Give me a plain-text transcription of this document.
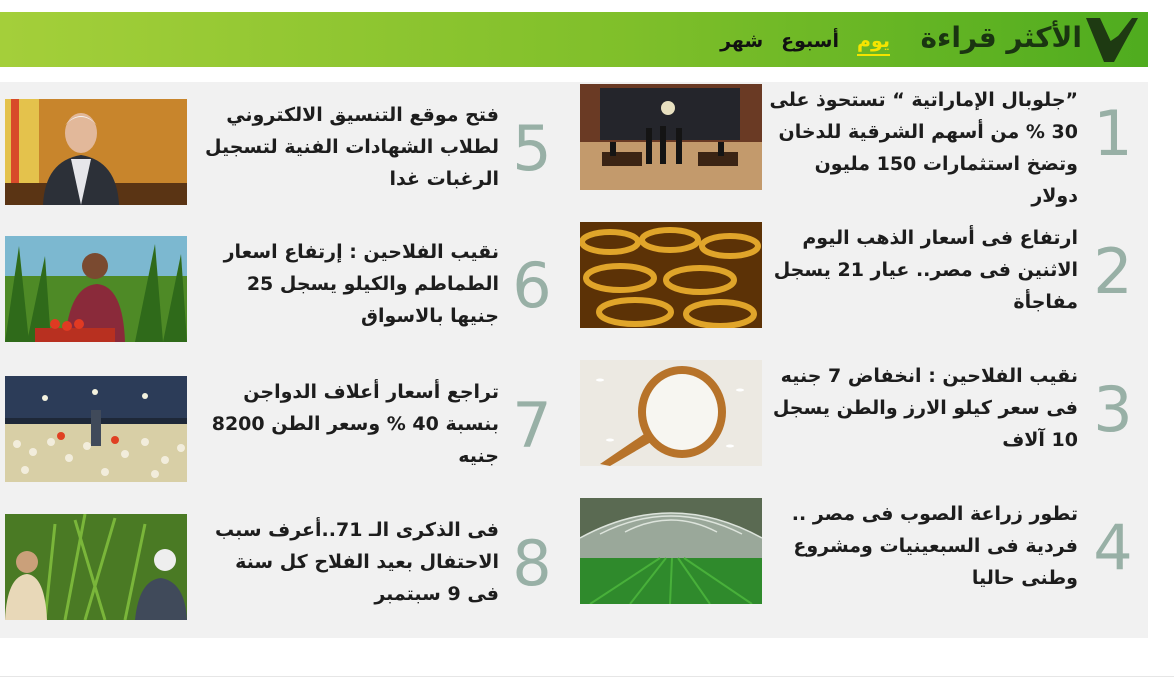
الأكثر قراءة
يوم
أسبوع
شهر
”جلوبال الإماراتية “ تستحوذ على 30 % من أسهم الشرقية للدخان وتضخ استثمارات 150 مليون دولار
1
ارتفاع فى أسعار الذهب اليوم الاثنين فى مصر.. عيار 21 يسجل مفاجأة 2
نقيب الفلاحين : انخفاض 7 جنيه فى سعر كيلو الارز والطن يسجل 10 آلاف 3
تطور زراعة الصوب فى مصر .. فردية فى السبعينيات ومشروع وطنى حاليا 4
فتح موقع التنسيق الالكتروني لطلاب الشهادات الفنية لتسجيل الرغبات غدا 5
نقيب الفلاحين : إرتفاع اسعار الطماطم والكيلو يسجل 25 جنيها بالاسواق 6
تراجع أسعار أعلاف الدواجن بنسبة 40 % وسعر الطن 8200 جنيه 7
فى الذكرى الـ 71..أعرف سبب الاحتفال بعيد الفلاح كل سنة فى 9 سبتمبر 8
